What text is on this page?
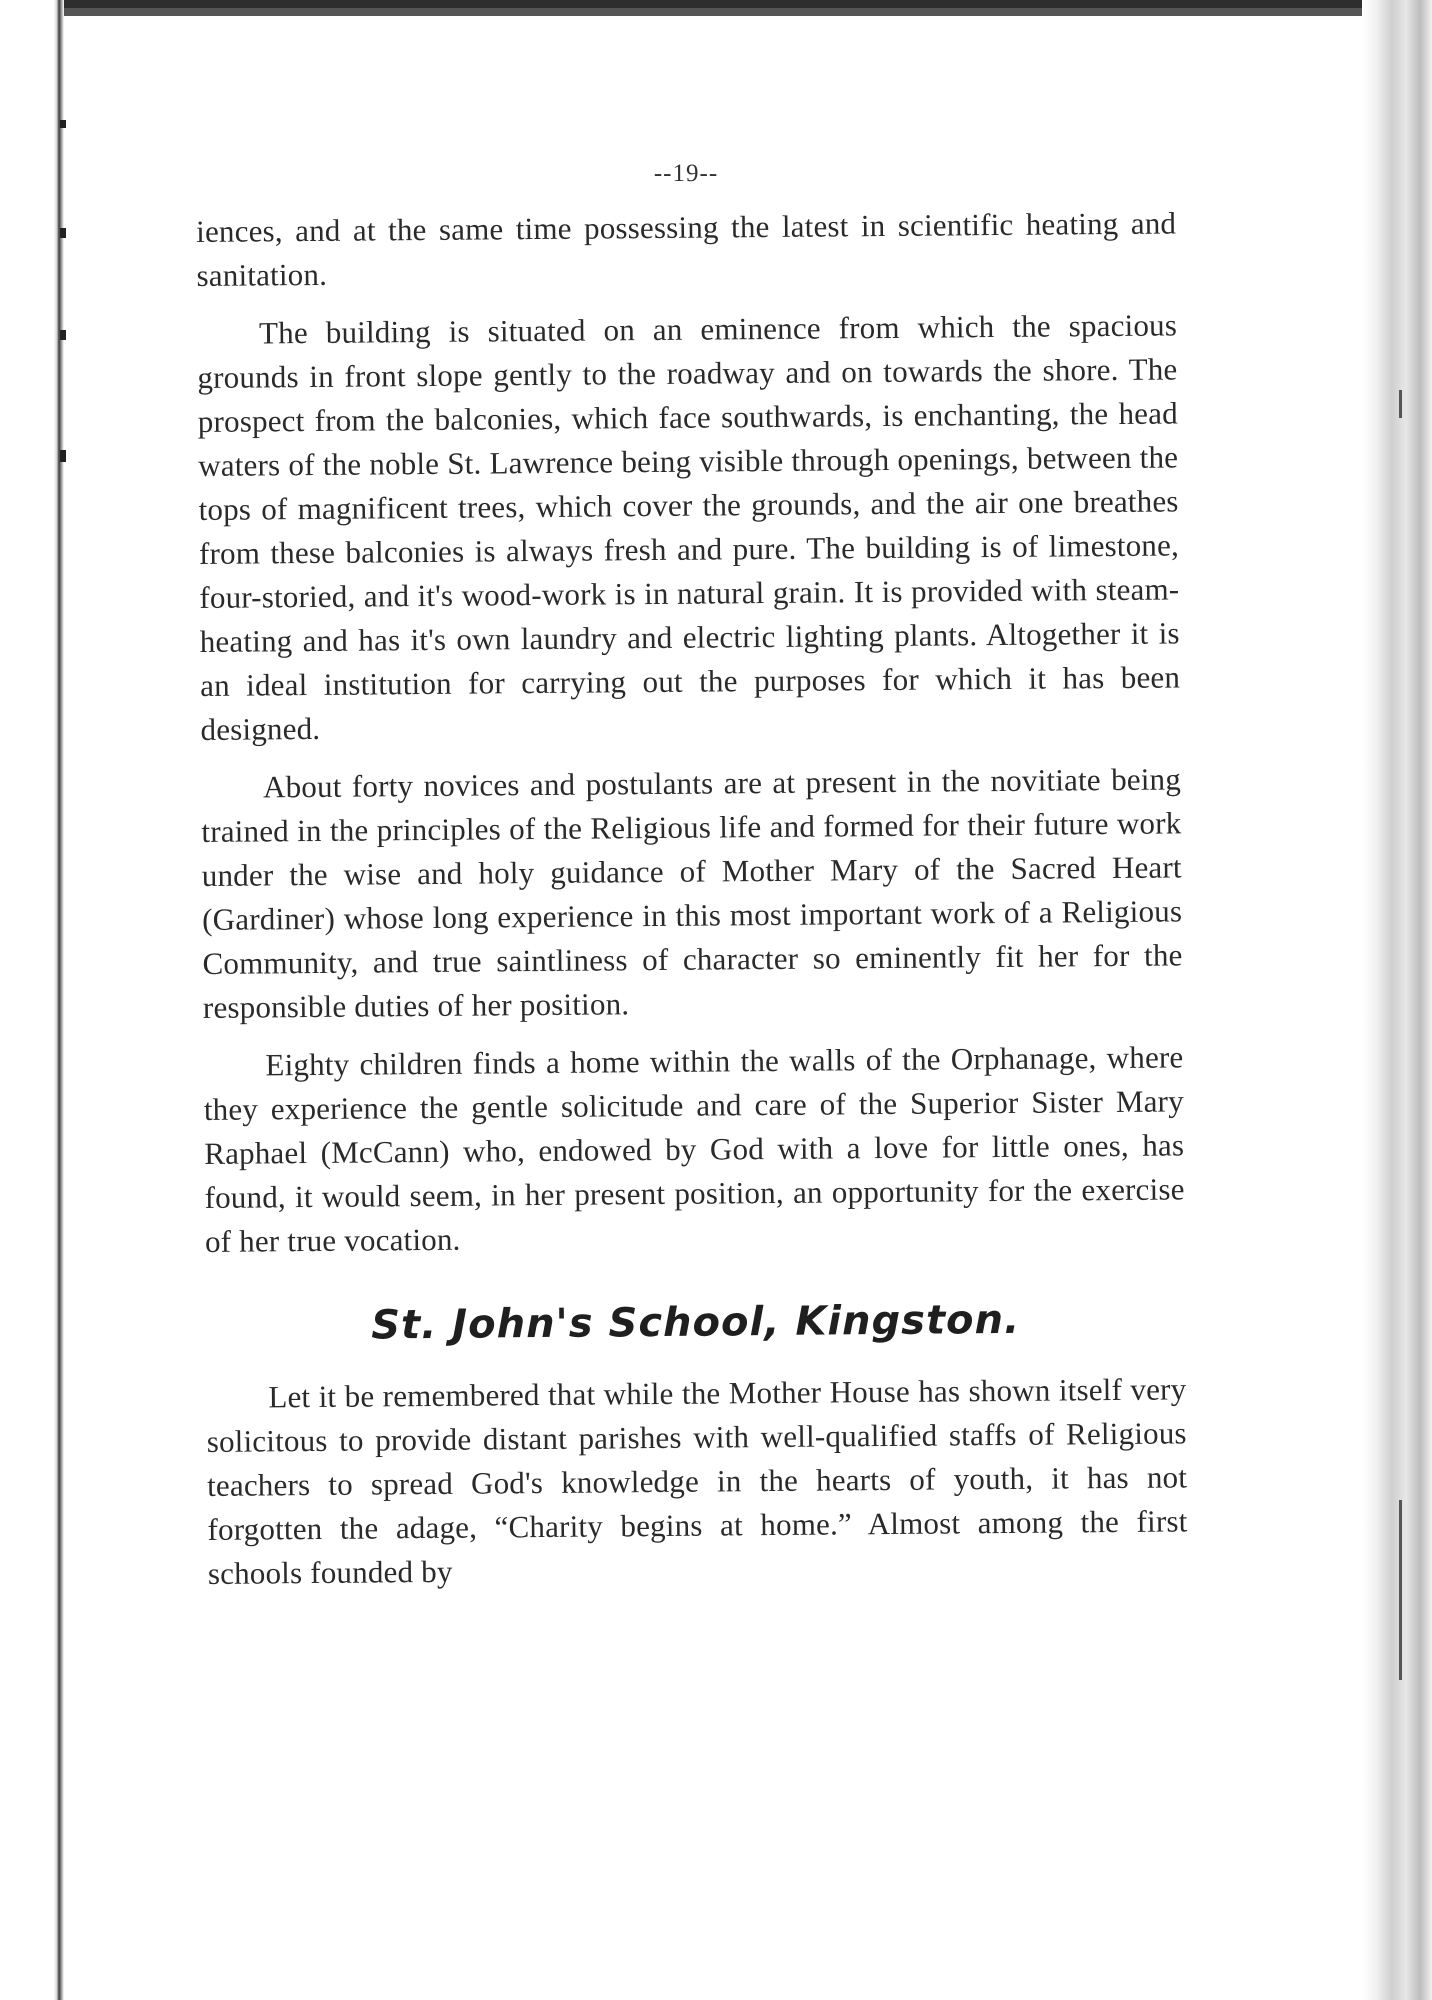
--19--

iences, and at the same time possessing the latest in scientific heating and sanitation.

The building is situated on an eminence from which the spacious grounds in front slope gently to the roadway and on towards the shore. The prospect from the balconies, which face southwards, is enchanting, the head waters of the noble St. Lawrence being visible through openings, between the tops of magnificent trees, which cover the grounds, and the air one breathes from these balconies is always fresh and pure. The building is of limestone, four-storied, and it's wood-work is in natural grain. It is provided with steam-heating and has it's own laundry and electric lighting plants. Altogether it is an ideal institution for carrying out the purposes for which it has been designed.

About forty novices and postulants are at present in the novitiate being trained in the principles of the Religious life and formed for their future work under the wise and holy guidance of Mother Mary of the Sacred Heart (Gardiner) whose long experience in this most important work of a Religious Community, and true saintliness of character so eminently fit her for the responsible duties of her position.

Eighty children finds a home within the walls of the Orphanage, where they experience the gentle solicitude and care of the Superior Sister Mary Raphael (McCann) who, endowed by God with a love for little ones, has found, it would seem, in her present position, an opportunity for the exercise of her true vocation.

St. John's School, Kingston.

Let it be remembered that while the Mother House has shown itself very solicitous to provide distant parishes with well-qualified staffs of Religious teachers to spread God's knowledge in the hearts of youth, it has not forgotten the adage, “Charity begins at home.” Almost among the first schools founded by
